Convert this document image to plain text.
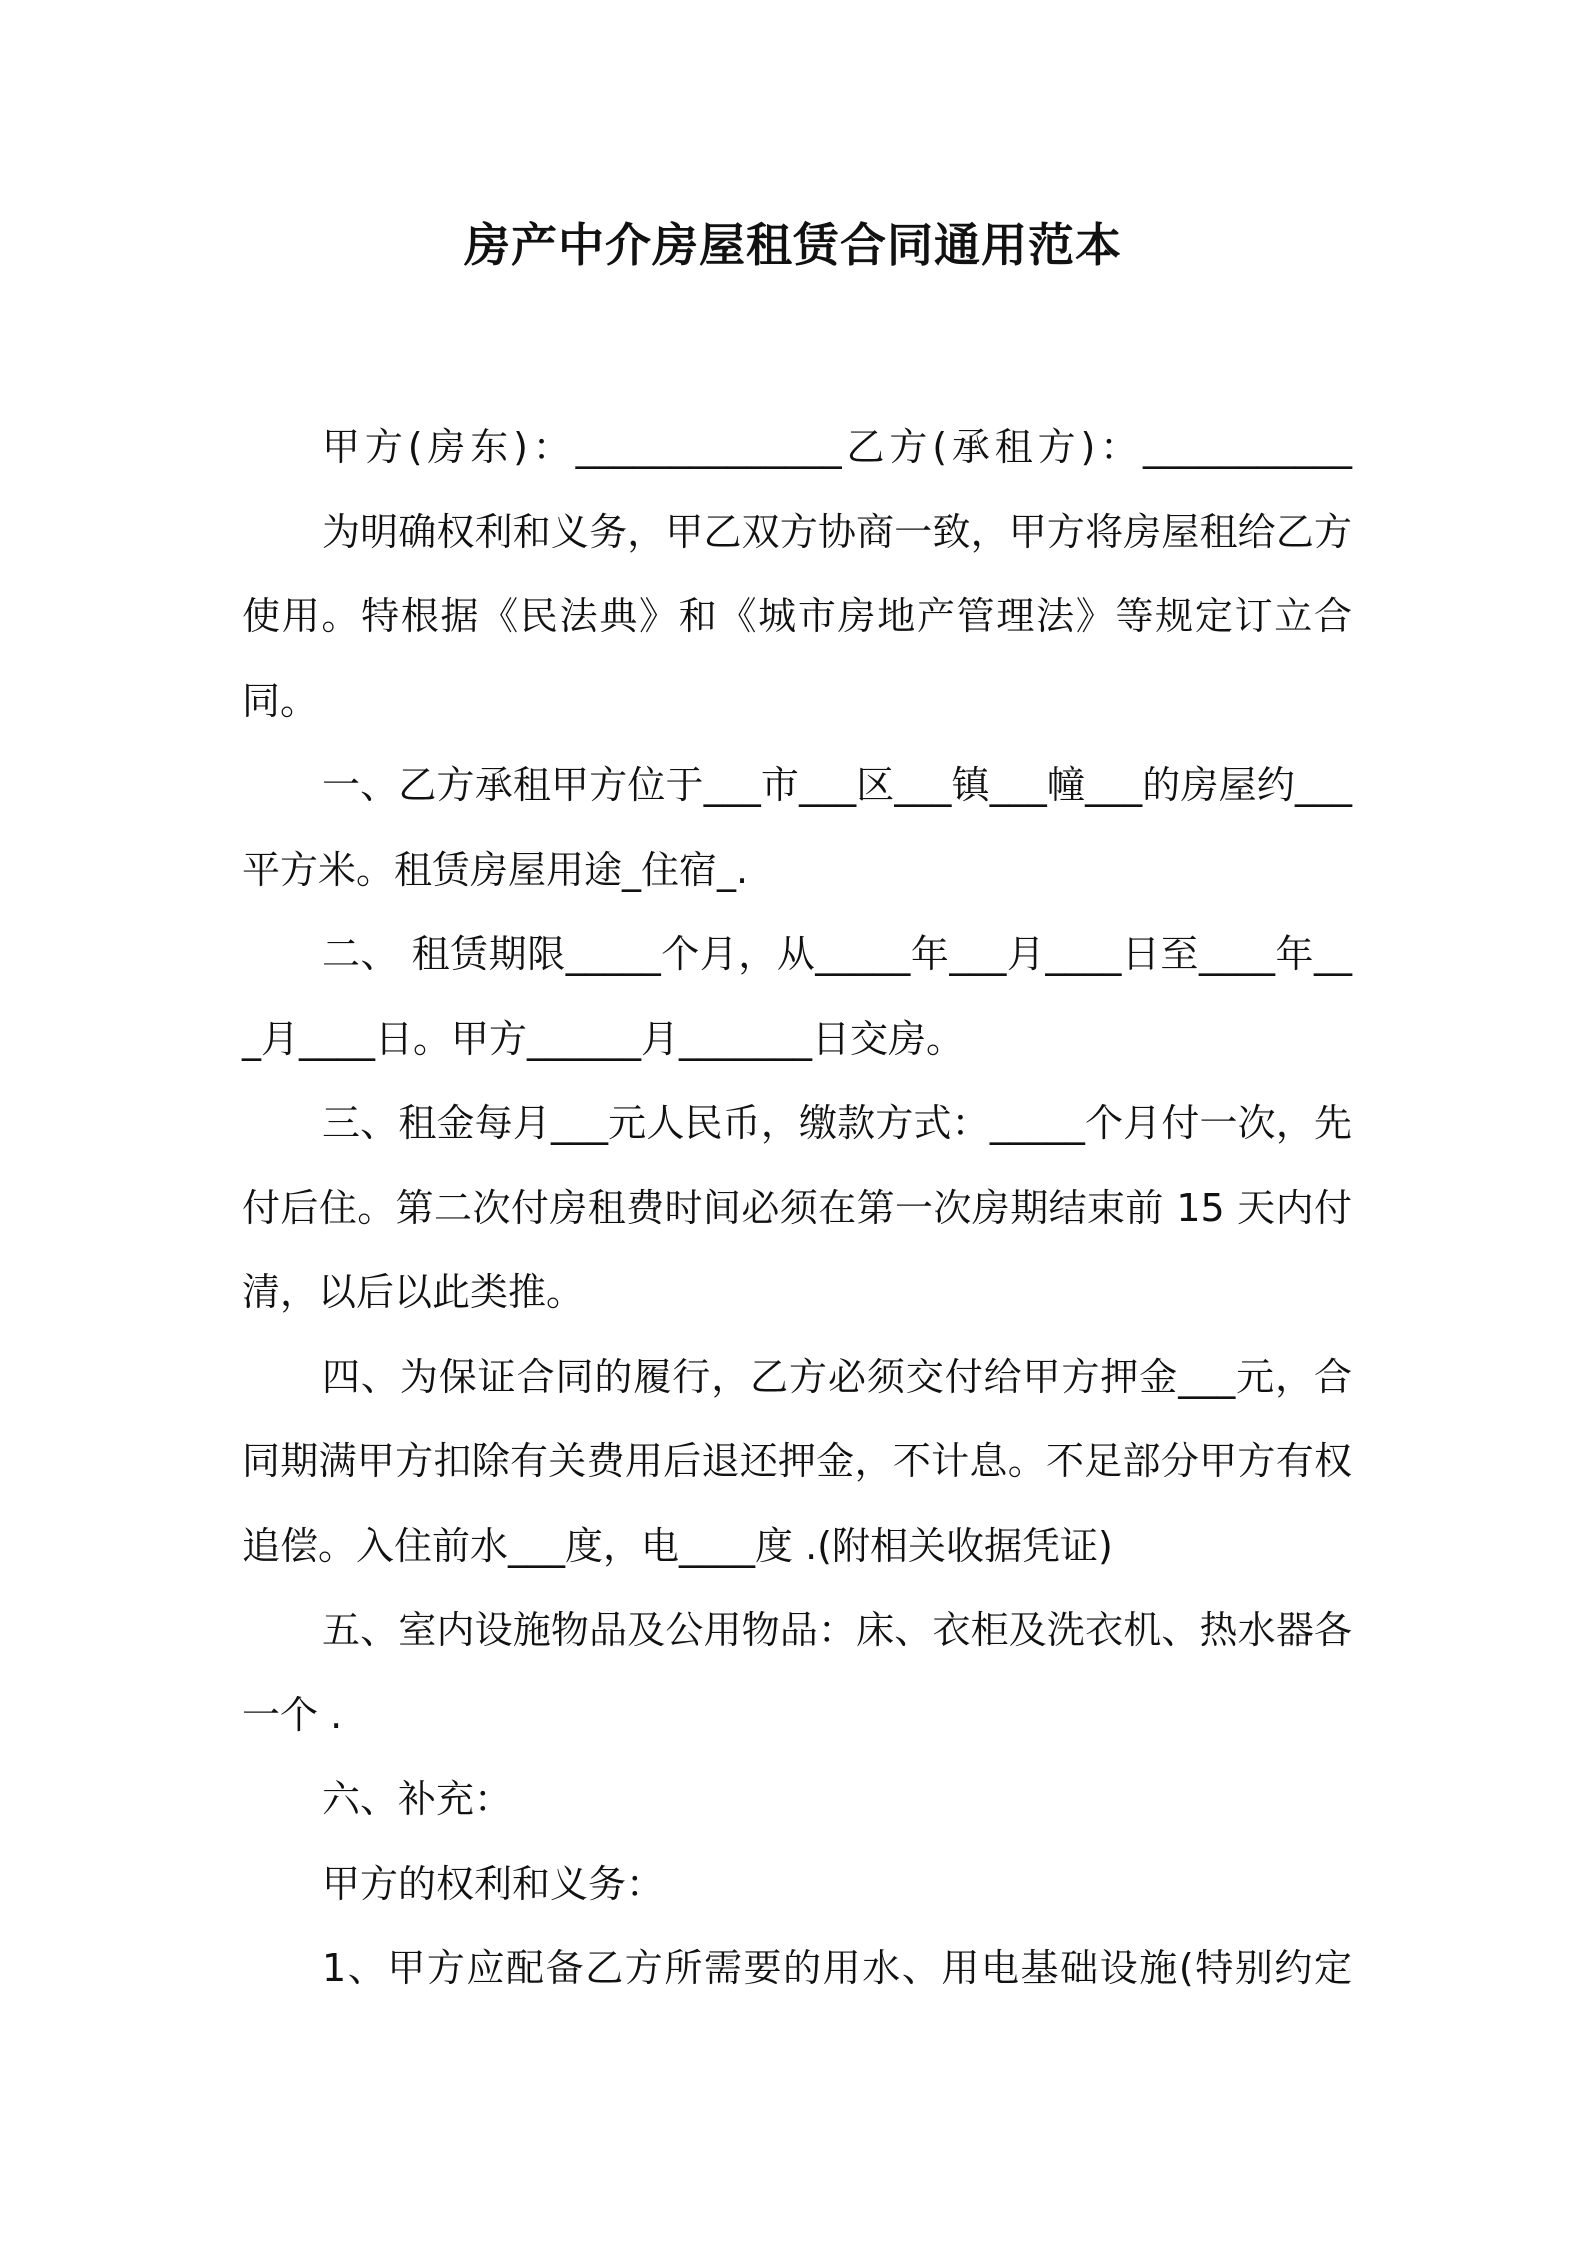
房产中介房屋租赁合同通用范本

甲方(房东)：______________乙方(承租方)：___________

为明确权利和义务，甲乙双方协商一致，甲方将房屋租给乙方使用。特根据《民法典》和《城市房地产管理法》等规定订立合同。

一、乙方承租甲方位于___市___区___镇___幢___的房屋约___平方米。租赁房屋用途_住宿_.

二、 租赁期限_____个月，从_____年___月____日至____年___月____日。甲方______月_______日交房。

三、租金每月___元人民币，缴款方式：_____个月付一次，先付后住。第二次付房租费时间必须在第一次房期结束前 15 天内付清，以后以此类推。

四、为保证合同的履行，乙方必须交付给甲方押金___元，合同期满甲方扣除有关费用后退还押金，不计息。不足部分甲方有权追偿。入住前水___度，电____度 .(附相关收据凭证)

五、室内设施物品及公用物品：床、衣柜及洗衣机、热水器各一个 .

六、补充：

甲方的权利和义务：

1、甲方应配备乙方所需要的用水、用电基础设施(特别约定
